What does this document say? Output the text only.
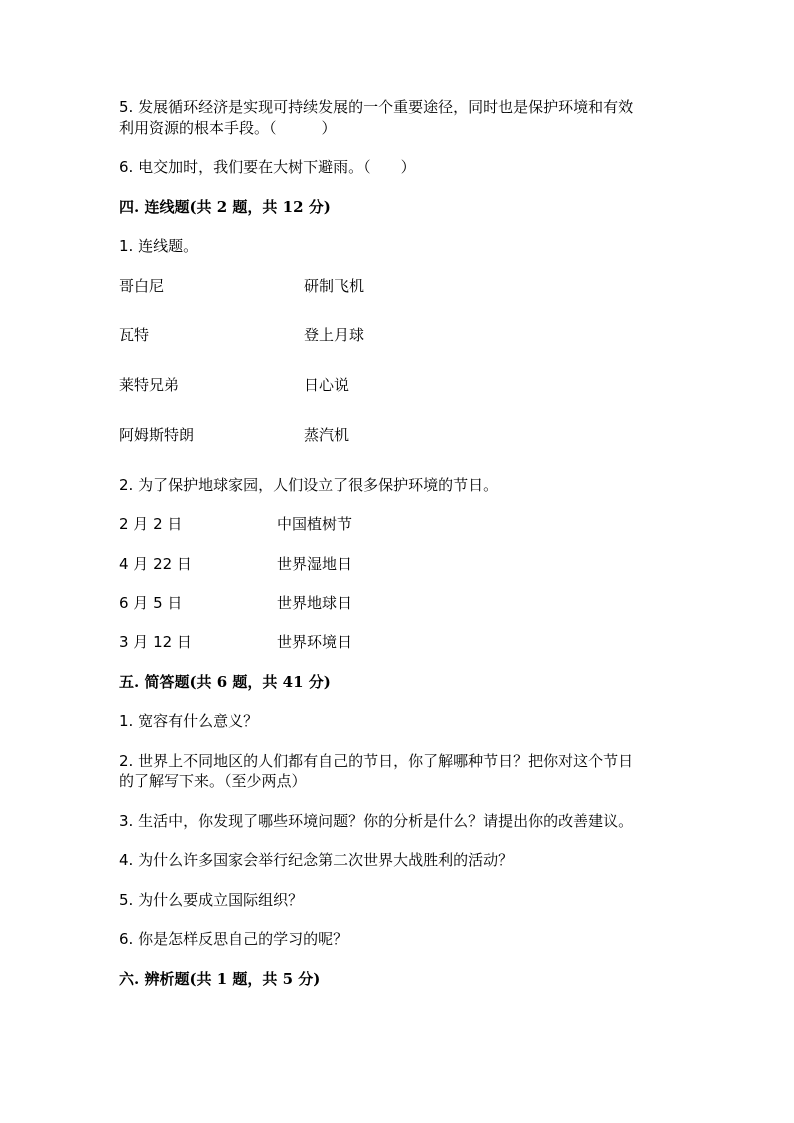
5. 发展循环经济是实现可持续发展的一个重要途径，同时也是保护环境和有效
利用资源的根本手段。（　　　）
6. 电交加时，我们要在大树下避雨。（　　）
四. 连线题(共 2 题，共 12 分)
1. 连线题。
哥白尼	研制飞机
瓦特	登上月球
莱特兄弟	日心说
阿姆斯特朗	蒸汽机
2. 为了保护地球家园，人们设立了很多保护环境的节日。
2 月 2 日	中国植树节
4 月 22 日	世界湿地日
6 月 5 日	世界地球日
3 月 12 日	世界环境日
五. 简答题(共 6 题，共 41 分)
1. 宽容有什么意义？
2. 世界上不同地区的人们都有自己的节日，你了解哪种节日？把你对这个节日
的了解写下来。（至少两点）
3. 生活中，你发现了哪些环境问题？你的分析是什么？请提出你的改善建议。
4. 为什么许多国家会举行纪念第二次世界大战胜利的活动？
5. 为什么要成立国际组织？
6. 你是怎样反思自己的学习的呢？
六. 辨析题(共 1 题，共 5 分)
